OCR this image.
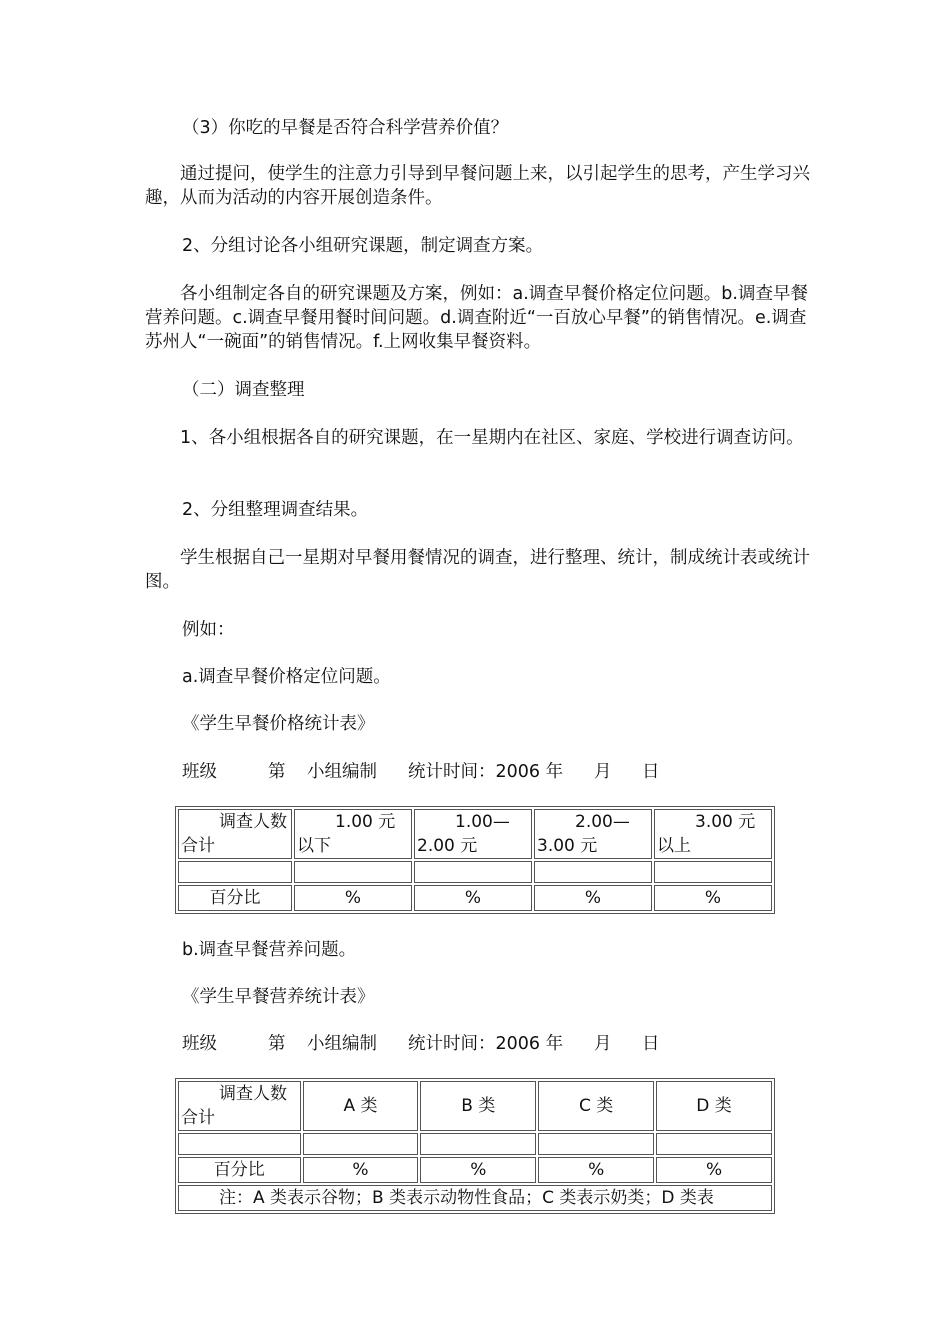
（3）你吃的早餐是否符合科学营养价值？

通过提问，使学生的注意力引导到早餐问题上来，以引起学生的思考，产生学习兴趣，从而为活动的内容开展创造条件。

2、分组讨论各小组研究课题，制定调查方案。

各小组制定各自的研究课题及方案，例如：a.调查早餐价格定位问题。b.调查早餐营养问题。c.调查早餐用餐时间问题。d.调查附近“一百放心早餐”的销售情况。e.调查苏州人“一碗面”的销售情况。f.上网收集早餐资料。

（二）调查整理

1、各小组根据各自的研究课题，在一星期内在社区、家庭、学校进行调查访问。

2、分组整理调查结果。

学生根据自己一星期对早餐用餐情况的调查，进行整理、统计，制成统计表或统计图。

例如：

a.调查早餐价格定位问题。

《学生早餐价格统计表》

班级

	第

小组编制

统计时间：2006 年

月

日

调查人数合计	1.00 元以下	1.00—2.00 元	2.00—3.00 元	3.00 元以上

百分比	%	%	%	%

b.调查早餐营养问题。

《学生早餐营养统计表》

班级

	第

小组编制

统计时间：2006 年

月

日

调查人数合计	A 类	B 类	C 类	D 类

百分比	%	%	%	%
注：A 类表示谷物；B 类表示动物性食品；C 类表示奶类；D 类表				
